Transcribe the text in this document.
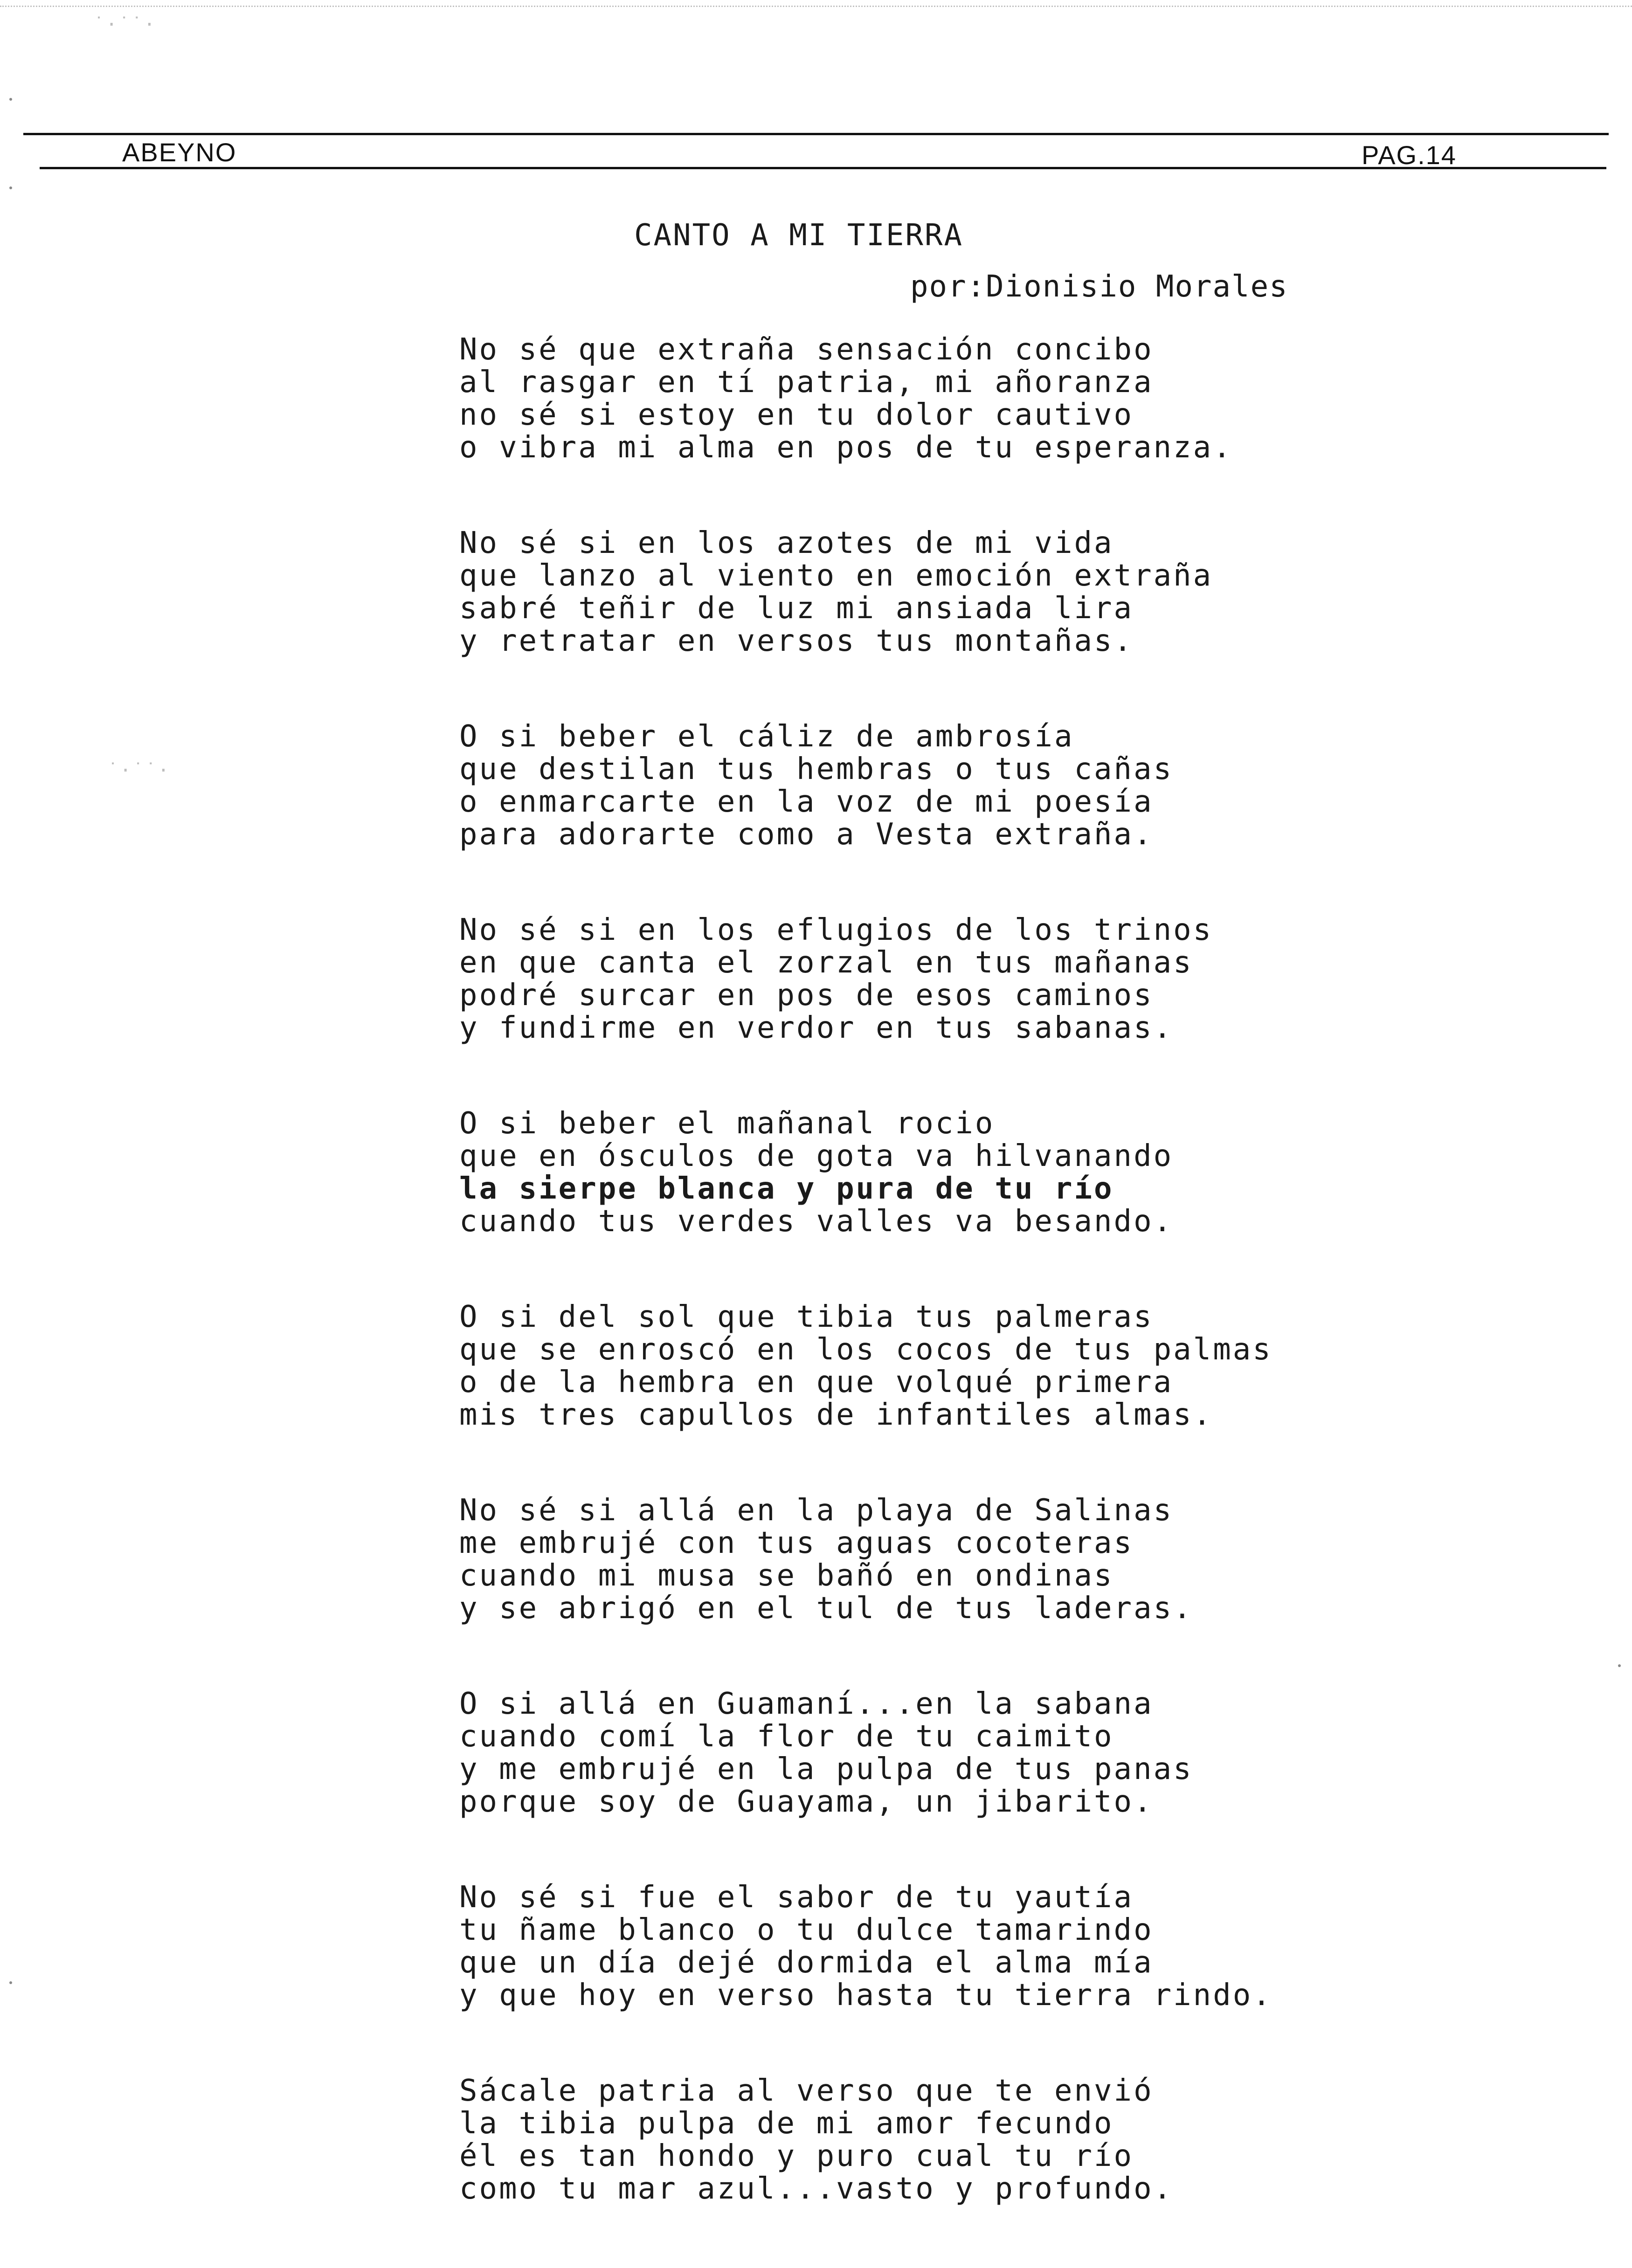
˙·˙˙·
˙·˙˙·
ABEYNO	PAG.14
CANTO A MI TIERRA
por:Dionisio Morales
No sé que extraña sensación concibo
al rasgar en tí patria, mi añoranza
no sé si estoy en tu dolor cautivo
o vibra mi alma en pos de tu esperanza.
No sé si en los azotes de mi vida
que lanzo al viento en emoción extraña
sabré teñir de luz mi ansiada lira
y retratar en versos tus montañas.
O si beber el cáliz de ambrosía
que destilan tus hembras o tus cañas
o enmarcarte en la voz de mi poesía
para adorarte como a Vesta extraña.
No sé si en los eflugios de los trinos
en que canta el zorzal en tus mañanas
podré surcar en pos de esos caminos
y fundirme en verdor en tus sabanas.
O si beber el mañanal rocio
que en ósculos de gota va hilvanando
la sierpe blanca y pura de tu río
cuando tus verdes valles va besando.
O si del sol que tibia tus palmeras
que se enroscó en los cocos de tus palmas
o de la hembra en que volqué primera
mis tres capullos de infantiles almas.
No sé si allá en la playa de Salinas
me embrujé con tus aguas cocoteras
cuando mi musa se bañó en ondinas
y se abrigó en el tul de tus laderas.
O si allá en Guamaní...en la sabana
cuando comí la flor de tu caimito
y me embrujé en la pulpa de tus panas
porque soy de Guayama, un jibarito.
No sé si fue el sabor de tu yautía
tu ñame blanco o tu dulce tamarindo
que un día dejé dormida el alma mía
y que hoy en verso hasta tu tierra rindo.
Sácale patria al verso que te envió
la tibia pulpa de mi amor fecundo
él es tan hondo y puro cual tu río
como tu mar azul...vasto y profundo.
